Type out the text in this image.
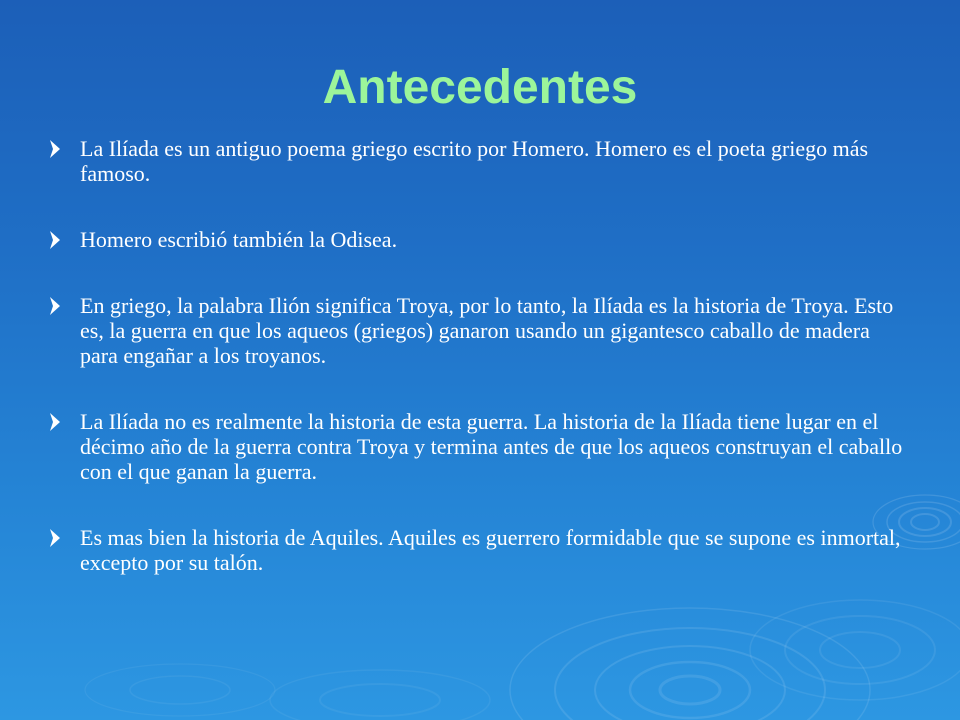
Antecedentes
La Ilíada es un antiguo poema griego escrito por Homero. Homero es el poeta griego más famoso.
Homero escribió también la Odisea.
En griego, la palabra Ilión significa Troya, por lo tanto, la Ilíada es la historia de Troya. Esto es, la guerra en que los aqueos (griegos) ganaron usando un gigantesco caballo de madera para engañar a los troyanos.
La Ilíada no es realmente la historia de esta guerra. La historia de la Ilíada tiene lugar en el décimo año de la guerra contra Troya y termina antes de que los aqueos construyan el caballo con el que ganan la guerra.
Es mas bien la historia de Aquiles. Aquiles es guerrero formidable que se supone es inmortal, excepto por su talón.
